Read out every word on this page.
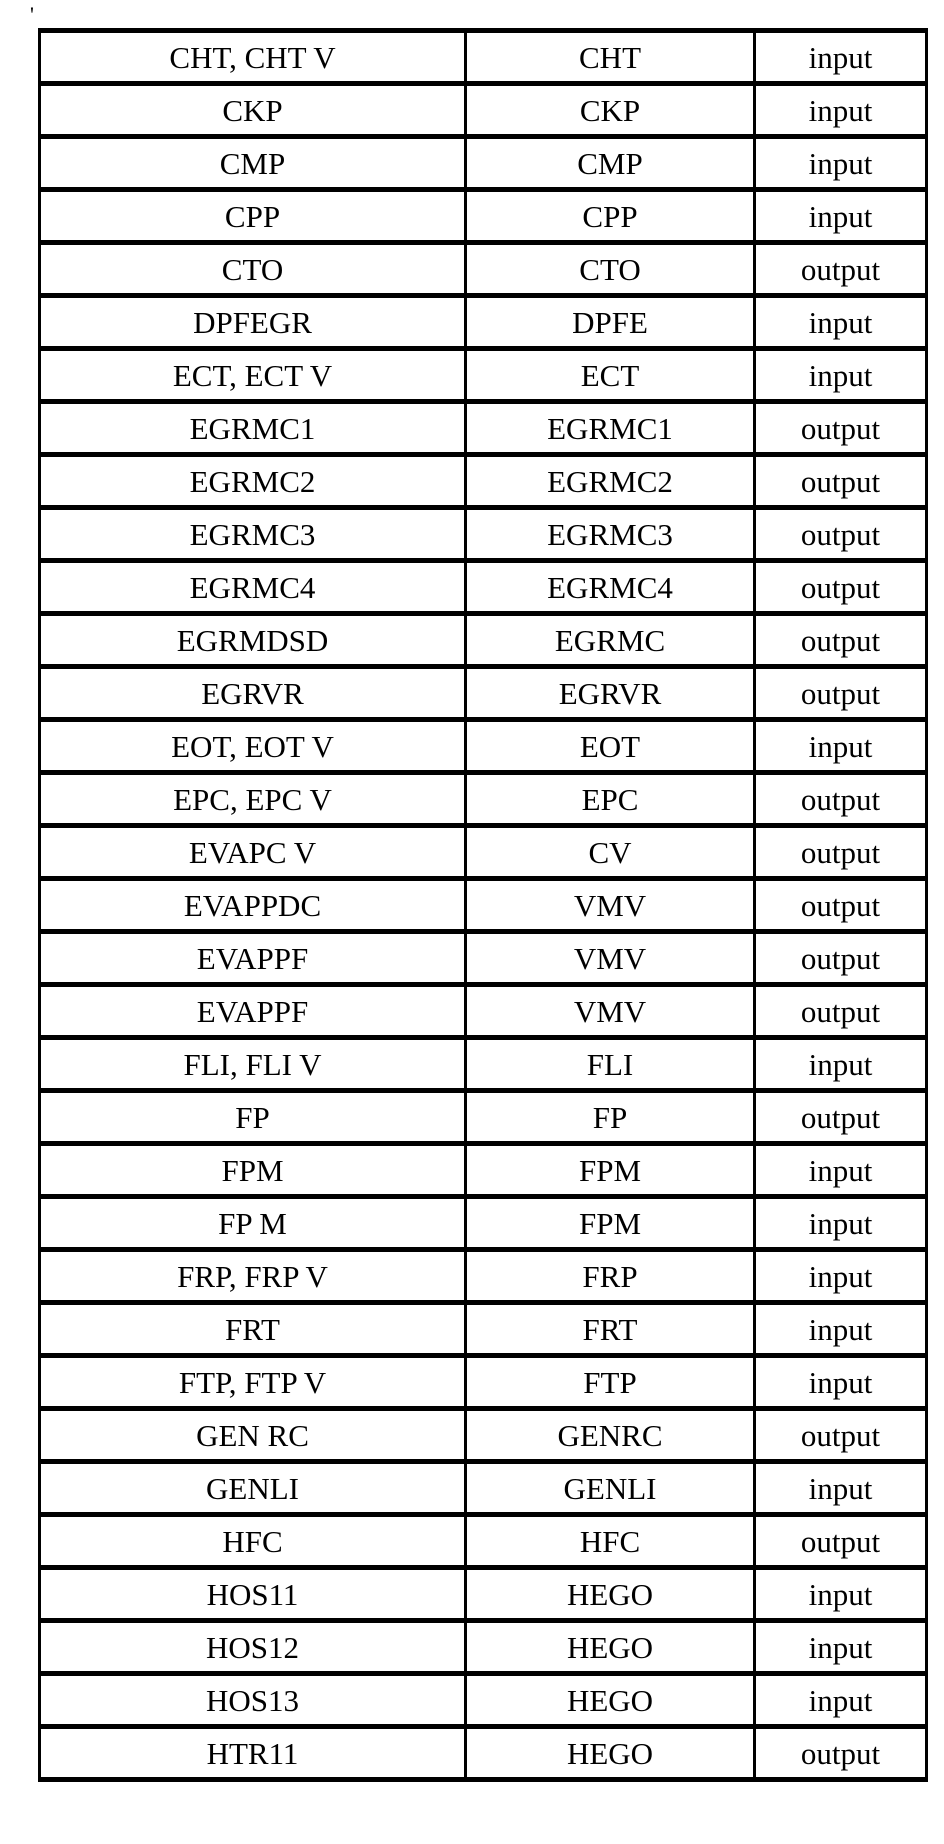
'
CHT, CHT V	CHT	input
CKP	CKP	input
CMP	CMP	input
CPP	CPP	input
CTO	CTO	output
DPFEGR	DPFE	input
ECT, ECT V	ECT	input
EGRMC1	EGRMC1	output
EGRMC2	EGRMC2	output
EGRMC3	EGRMC3	output
EGRMC4	EGRMC4	output
EGRMDSD	EGRMC	output
EGRVR	EGRVR	output
EOT, EOT V	EOT	input
EPC, EPC V	EPC	output
EVAPC V	CV	output
EVAPPDC	VMV	output
EVAPPF	VMV	output
EVAPPF	VMV	output
FLI, FLI V	FLI	input
FP	FP	output
FPM	FPM	input
FP M	FPM	input
FRP, FRP V	FRP	input
FRT	FRT	input
FTP, FTP V	FTP	input
GEN RC	GENRC	output
GENLI	GENLI	input
HFC	HFC	output
HOS11	HEGO	input
HOS12	HEGO	input
HOS13	HEGO	input
HTR11	HEGO	output
